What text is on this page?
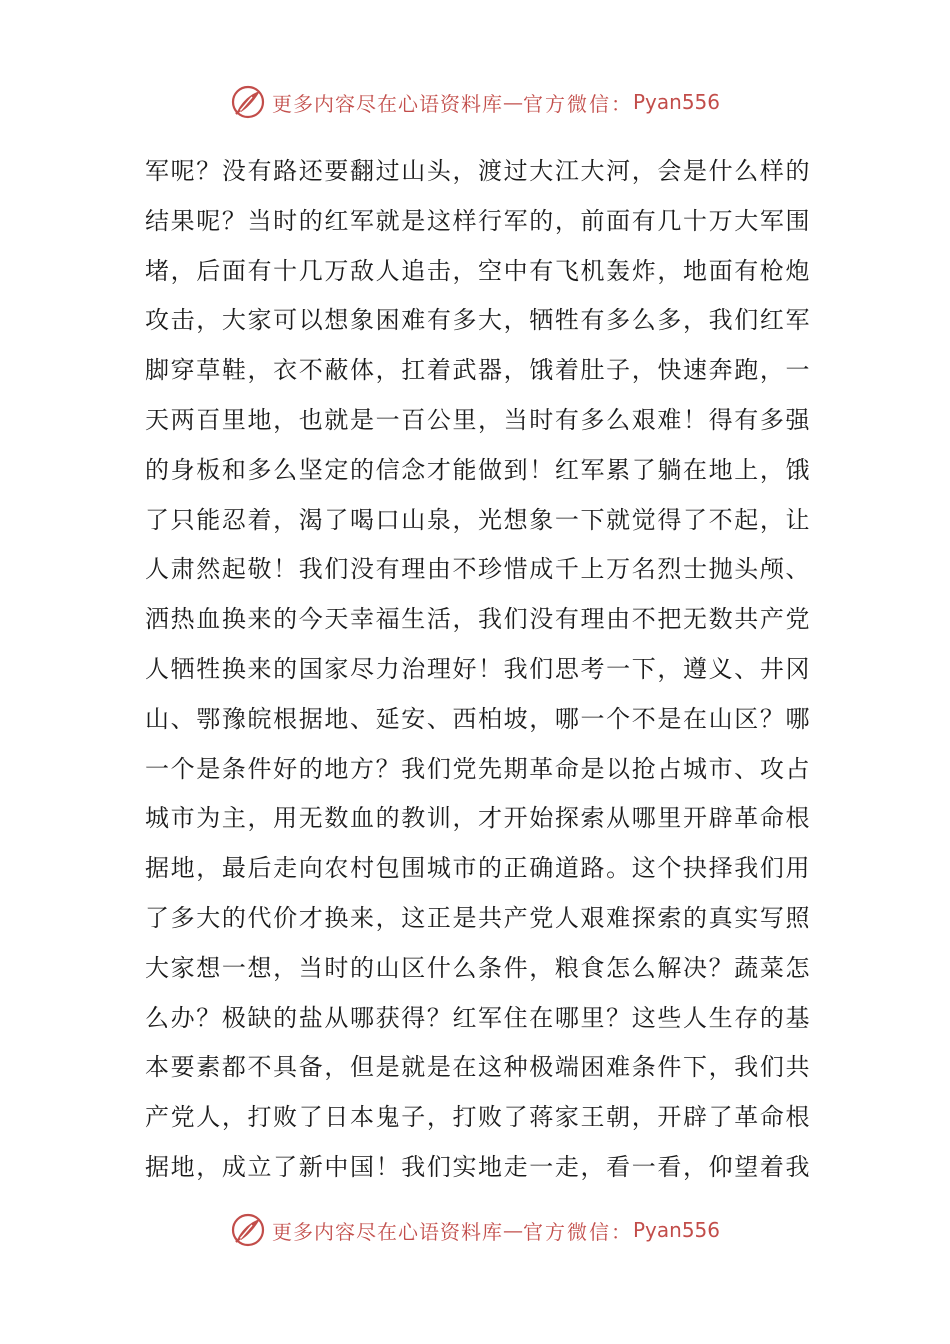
更多内容尽在心语资料库 — 官方微信： Pyan556
军呢？没有路还要翻过山头，渡过大江大河，会是什么样的
结果呢？当时的红军就是这样行军的，前面有几十万大军围
堵，后面有十几万敌人追击，空中有飞机轰炸，地面有枪炮
攻击，大家可以想象困难有多大，牺牲有多么多，我们红军
脚穿草鞋，衣不蔽体，扛着武器，饿着肚子，快速奔跑，一
天两百里地，也就是一百公里，当时有多么艰难！得有多强
的身板和多么坚定的信念才能做到！红军累了躺在地上，饿
了只能忍着，渴了喝口山泉，光想象一下就觉得了不起，让
人肃然起敬！我们没有理由不珍惜成千上万名烈士抛头颅、
洒热血换来的今天幸福生活，我们没有理由不把无数共产党
人牺牲换来的国家尽力治理好！我们思考一下，遵义、井冈
山、鄂豫皖根据地、延安、西柏坡，哪一个不是在山区？哪
一个是条件好的地方？我们党先期革命是以抢占城市、攻占
城市为主，用无数血的教训，才开始探索从哪里开辟革命根
据地，最后走向农村包围城市的正确道路。这个抉择我们用
了多大的代价才换来，这正是共产党人艰难探索的真实写照
大家想一想，当时的山区什么条件，粮食怎么解决？蔬菜怎
么办？极缺的盐从哪获得？红军住在哪里？这些人生存的基
本要素都不具备，但是就是在这种极端困难条件下，我们共
产党人，打败了日本鬼子，打败了蒋家王朝，开辟了革命根
据地，成立了新中国！我们实地走一走，看一看，仰望着我
更多内容尽在心语资料库 — 官方微信： Pyan556
